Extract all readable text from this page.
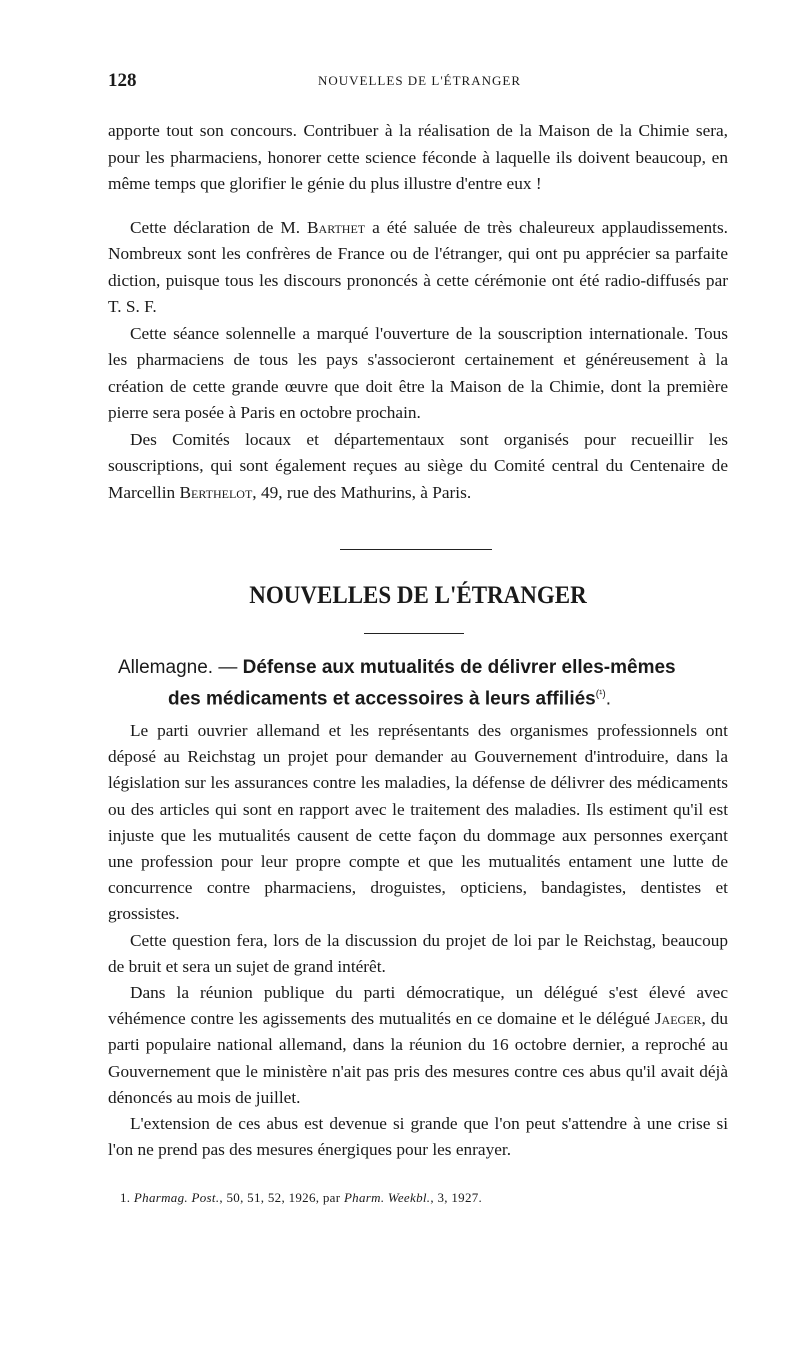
128	NOUVELLES DE L'ÉTRANGER

apporte tout son concours. Contribuer à la réalisation de la Maison de la Chimie sera, pour les pharmaciens, honorer cette science féconde à laquelle ils doivent beaucoup, en même temps que glorifier le génie du plus illustre d'entre eux !

Cette déclaration de M. Barthet a été saluée de très chaleureux applaudissements. Nombreux sont les confrères de France ou de l'étranger, qui ont pu apprécier sa parfaite diction, puisque tous les discours prononcés à cette cérémonie ont été radio-diffusés par T. S. F.

Cette séance solennelle a marqué l'ouverture de la souscription internationale. Tous les pharmaciens de tous les pays s'associeront certainement et généreusement à la création de cette grande œuvre que doit être la Maison de la Chimie, dont la première pierre sera posée à Paris en octobre prochain.

Des Comités locaux et départementaux sont organisés pour recueillir les souscriptions, qui sont également reçues au siège du Comité central du Centenaire de Marcellin Berthelot, 49, rue des Mathurins, à Paris.

NOUVELLES DE L'ÉTRANGER
Allemagne. — Défense aux mutualités de délivrer elles-mêmes
des médicaments et accessoires à leurs affiliés$^{(^1)}$.

Le parti ouvrier allemand et les représentants des organismes professionnels ont déposé au Reichstag un projet pour demander au Gouvernement d'introduire, dans la législation sur les assurances contre les maladies, la défense de délivrer des médicaments ou des articles qui sont en rapport avec le traitement des maladies. Ils estiment qu'il est injuste que les mutualités causent de cette façon du dommage aux personnes exerçant une profession pour leur propre compte et que les mutualités entament une lutte de concurrence contre pharmaciens, droguistes, opticiens, bandagistes, dentistes et grossistes.

Cette question fera, lors de la discussion du projet de loi par le Reichstag, beaucoup de bruit et sera un sujet de grand intérêt.

Dans la réunion publique du parti démocratique, un délégué s'est élevé avec véhémence contre les agissements des mutualités en ce domaine et le délégué Jaeger, du parti populaire national allemand, dans la réunion du 16 octobre dernier, a reproché au Gouvernement que le ministère n'ait pas pris des mesures contre ces abus qu'il avait déjà dénoncés au mois de juillet.

L'extension de ces abus est devenue si grande que l'on peut s'attendre à une crise si l'on ne prend pas des mesures énergiques pour les enrayer.

1. Pharmag. Post., 50, 51, 52, 1926, par Pharm. Weekbl., 3, 1927.
